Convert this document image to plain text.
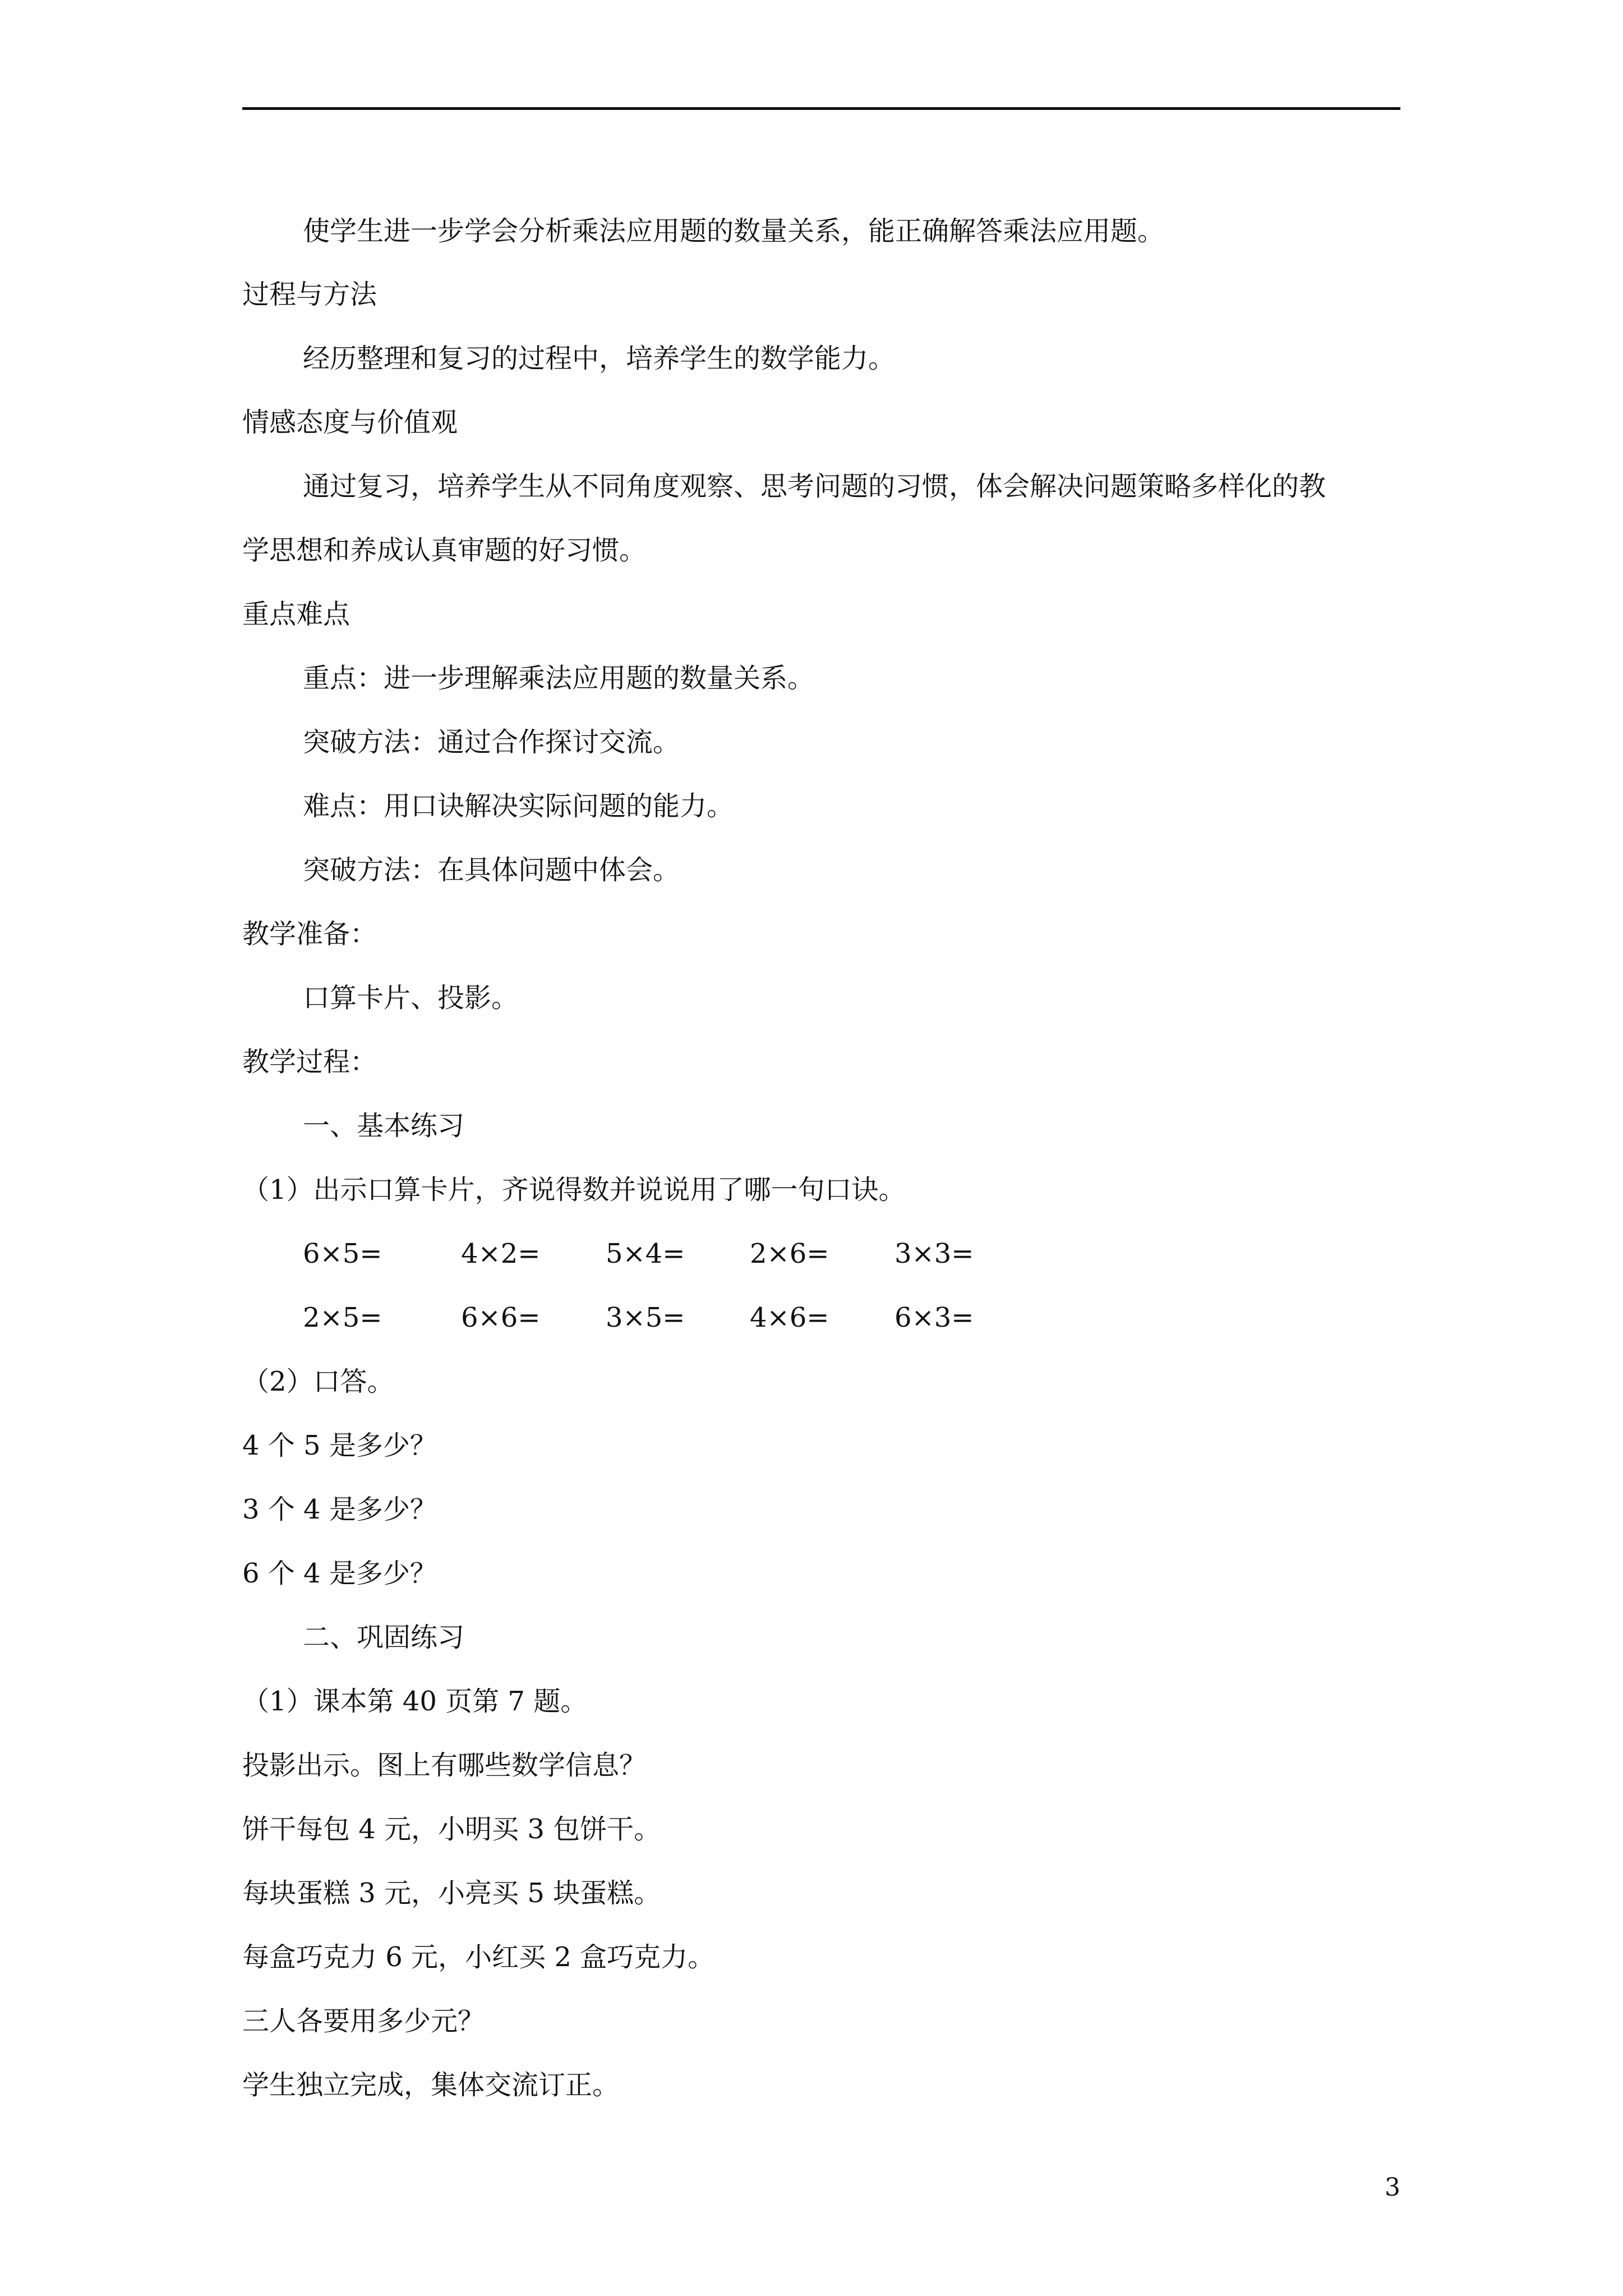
使学生进一步学会分析乘法应用题的数量关系，能正确解答乘法应用题。
过程与方法
经历整理和复习的过程中，培养学生的数学能力。
情感态度与价值观
通过复习，培养学生从不同角度观察、思考问题的习惯，体会解决问题策略多样化的教
学思想和养成认真审题的好习惯。
重点难点
重点：进一步理解乘法应用题的数量关系。
突破方法：通过合作探讨交流。
难点：用口诀解决实际问题的能力。
突破方法：在具体问题中体会。
教学准备：
口算卡片、投影。
教学过程：
一、基本练习
（1）出示口算卡片，齐说得数并说说用了哪一句口诀。
6×5=	4×2= 5×4= 2×6= 3×3=
2×5=	6×6= 3×5= 4×6= 6×3=
（2）口答。
4 个 5 是多少？
3 个 4 是多少？
6 个 4 是多少？
二、巩固练习
（1）课本第 40 页第 7 题。
投影出示。图上有哪些数学信息？
饼干每包 4 元，小明买 3 包饼干。
每块蛋糕 3 元，小亮买 5 块蛋糕。
每盒巧克力 6 元，小红买 2 盒巧克力。
三人各要用多少元？
学生独立完成，集体交流订正。
3
